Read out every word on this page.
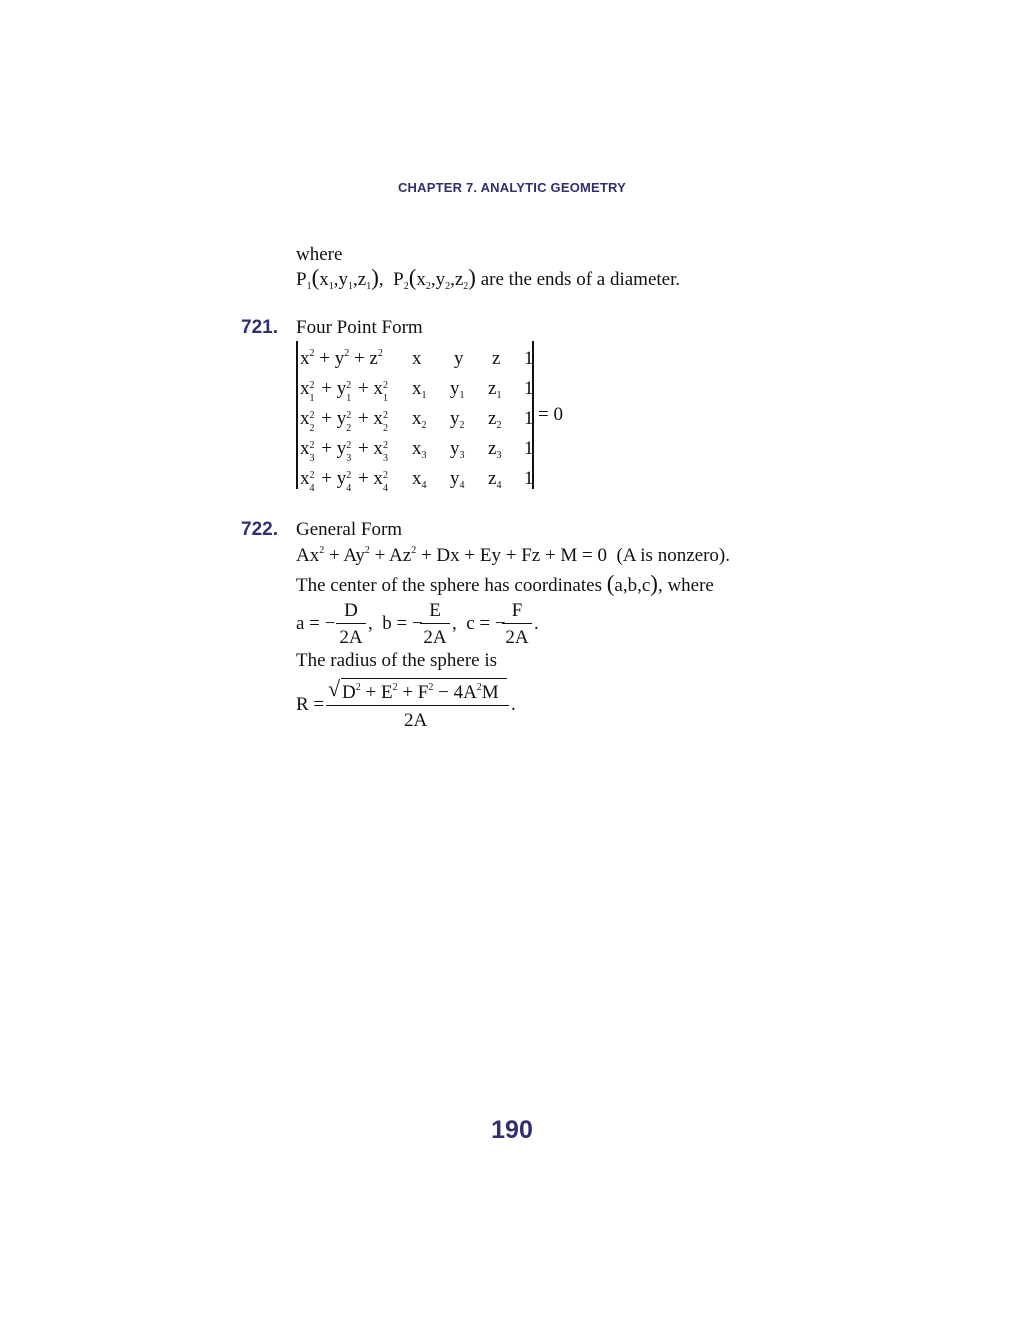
CHAPTER 7. ANALYTIC GEOMETRY
where
$P_1(x_1,y_1,z_1)$,  $P_2(x_2,y_2,z_2)$ are the ends of a diameter.
721. Four Point Form
$x^2 + y^2 + z^2$ x y z 1
x 2
1 + y 2
1 + x 2
1 $x_1$ $y_1$ $z_1$ 1
x 2
2 + y 2
2 + x 2
2 $x_2$ $y_2$ $z_2$ 1
x 2
3 + y 2
3 + x 2
3 $x_3$ $y_3$ $z_3$ 1
x 2
4 + y 2
4 + x 2
4 $x_4$ $y_4$ $z_4$ 1
= 0
722. General Form
$Ax^2 + Ay^2 + Az^2 + Dx + Ey + Fz + M = 0$  (A is nonzero).
The center of the sphere has coordinates (a,b,c), where
a = − $\frac{D}{2A}$ ,  b = −
$\frac{E}{2A}$ ,  c = −
$\frac{F}{2A}$ .
The radius of the sphere is
R =
√ $D^2 + E^2 + F^2 - 4A^2M$
2A
.
190
